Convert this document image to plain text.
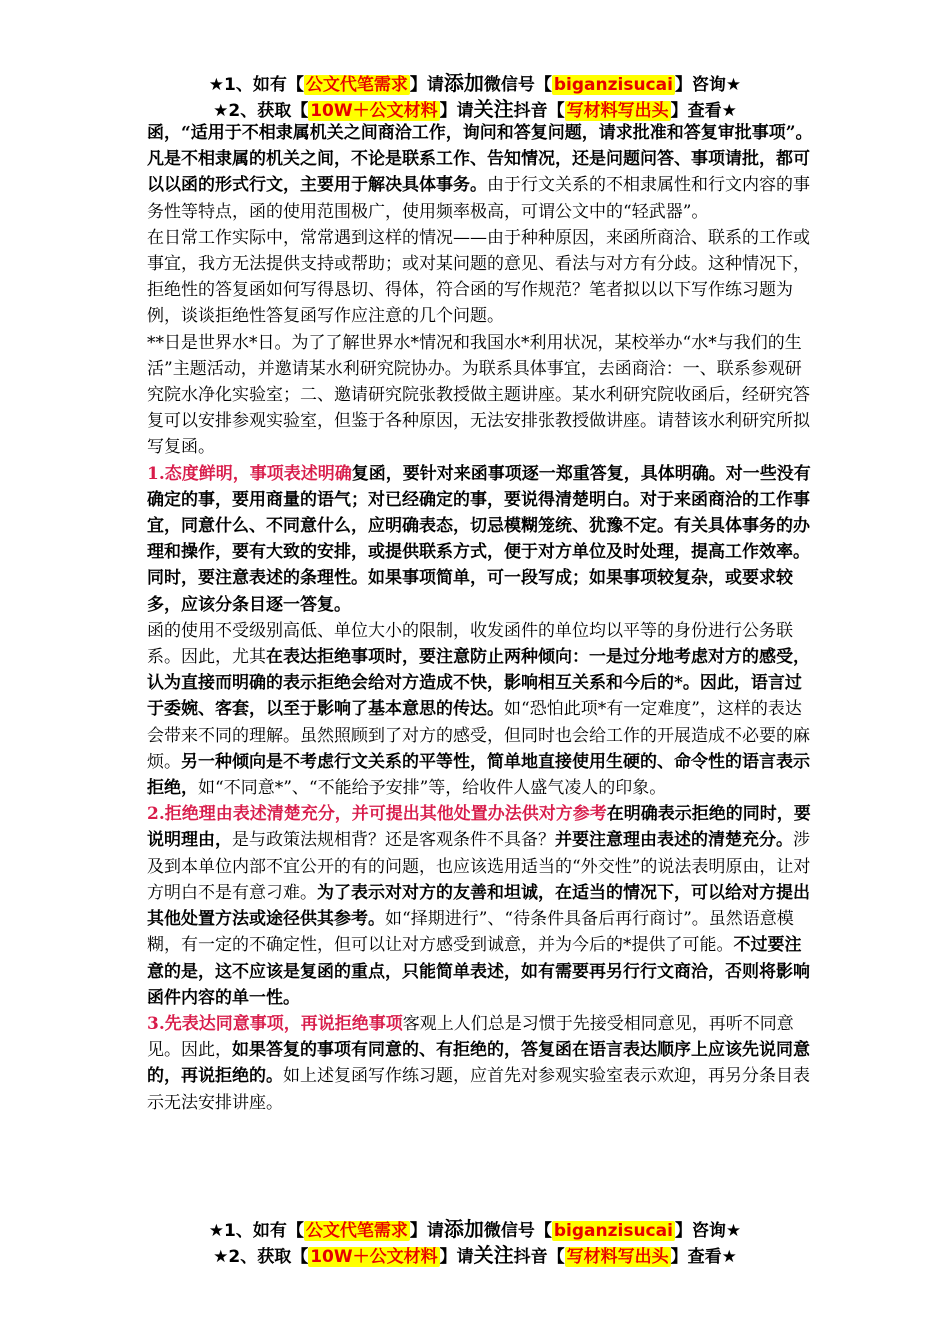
★1、如有【 公文代笔需求 】请添加微信号【 biganzisucai 】咨询★
★2、获取【 10W＋公文材料 】请关注抖音【 写材料写出头 】查看★

函，“适用于不相隶属机关之间商洽工作，询问和答复问题，请求批准和答复审批事项”。凡是不相隶属的机关之间，不论是联系工作、告知情况，还是问题问答、事项请批，都可以以函的形式行文，主要用于解决具体事务。由于行文关系的不相隶属性和行文内容的事务性等特点，函的使用范围极广，使用频率极高，可谓公文中的“轻武器”。

在日常工作实际中，常常遇到这样的情况——由于种种原因，来函所商洽、联系的工作或事宜，我方无法提供支持或帮助；或对某问题的意见、看法与对方有分歧。这种情况下，拒绝性的答复函如何写得恳切、得体，符合函的写作规范？笔者拟以以下写作练习题为例，谈谈拒绝性答复函写作应注意的几个问题。

**日是世界水*日。为了了解世界水*情况和我国水*利用状况，某校举办“水*与我们的生活”主题活动，并邀请某水利研究院协办。为联系具体事宜，去函商洽：一、联系参观研究院水净化实验室；二、邀请研究院张教授做主题讲座。某水利研究院收函后，经研究答复可以安排参观实验室，但鉴于各种原因，无法安排张教授做讲座。请替该水利研究所拟写复函。

1.态度鲜明，事项表述明确复函，要针对来函事项逐一郑重答复，具体明确。对一些没有确定的事，要用商量的语气；对已经确定的事，要说得清楚明白。对于来函商洽的工作事宜，同意什么、不同意什么，应明确表态，切忌模糊笼统、犹豫不定。有关具体事务的办理和操作，要有大致的安排，或提供联系方式，便于对方单位及时处理，提高工作效率。同时，要注意表述的条理性。如果事项简单，可一段写成；如果事项较复杂，或要求较多，应该分条目逐一答复。

函的使用不受级别高低、单位大小的限制，收发函件的单位均以平等的身份进行公务联系。因此，尤其在表达拒绝事项时，要注意防止两种倾向：一是过分地考虑对方的感受，认为直接而明确的表示拒绝会给对方造成不快，影响相互关系和今后的*。因此，语言过于委婉、客套，以至于影响了基本意思的传达。如“恐怕此项*有一定难度”，这样的表达会带来不同的理解。虽然照顾到了对方的感受，但同时也会给工作的开展造成不必要的麻烦。另一种倾向是不考虑行文关系的平等性，简单地直接使用生硬的、命令性的语言表示拒绝，如“不同意*”、“不能给予安排”等，给收件人盛气凌人的印象。

2.拒绝理由表述清楚充分，并可提出其他处置办法供对方参考在明确表示拒绝的同时，要说明理由，是与政策法规相背？还是客观条件不具备？并要注意理由表述的清楚充分。涉及到本单位内部不宜公开的有的问题，也应该选用适当的“外交性”的说法表明原由，让对方明白不是有意刁难。为了表示对对方的友善和坦诚，在适当的情况下，可以给对方提出其他处置方法或途径供其参考。如“择期进行”、“待条件具备后再行商讨”。虽然语意模糊，有一定的不确定性，但可以让对方感受到诚意，并为今后的*提供了可能。不过要注意的是，这不应该是复函的重点，只能简单表述，如有需要再另行行文商洽，否则将影响函件内容的单一性。

3.先表达同意事项，再说拒绝事项客观上人们总是习惯于先接受相同意见，再听不同意见。因此，如果答复的事项有同意的、有拒绝的，答复函在语言表达顺序上应该先说同意的，再说拒绝的。如上述复函写作练习题，应首先对参观实验室表示欢迎，再另分条目表示无法安排讲座。

★1、如有【 公文代笔需求 】请添加微信号【 biganzisucai 】咨询★
★2、获取【 10W＋公文材料 】请关注抖音【 写材料写出头 】查看★
